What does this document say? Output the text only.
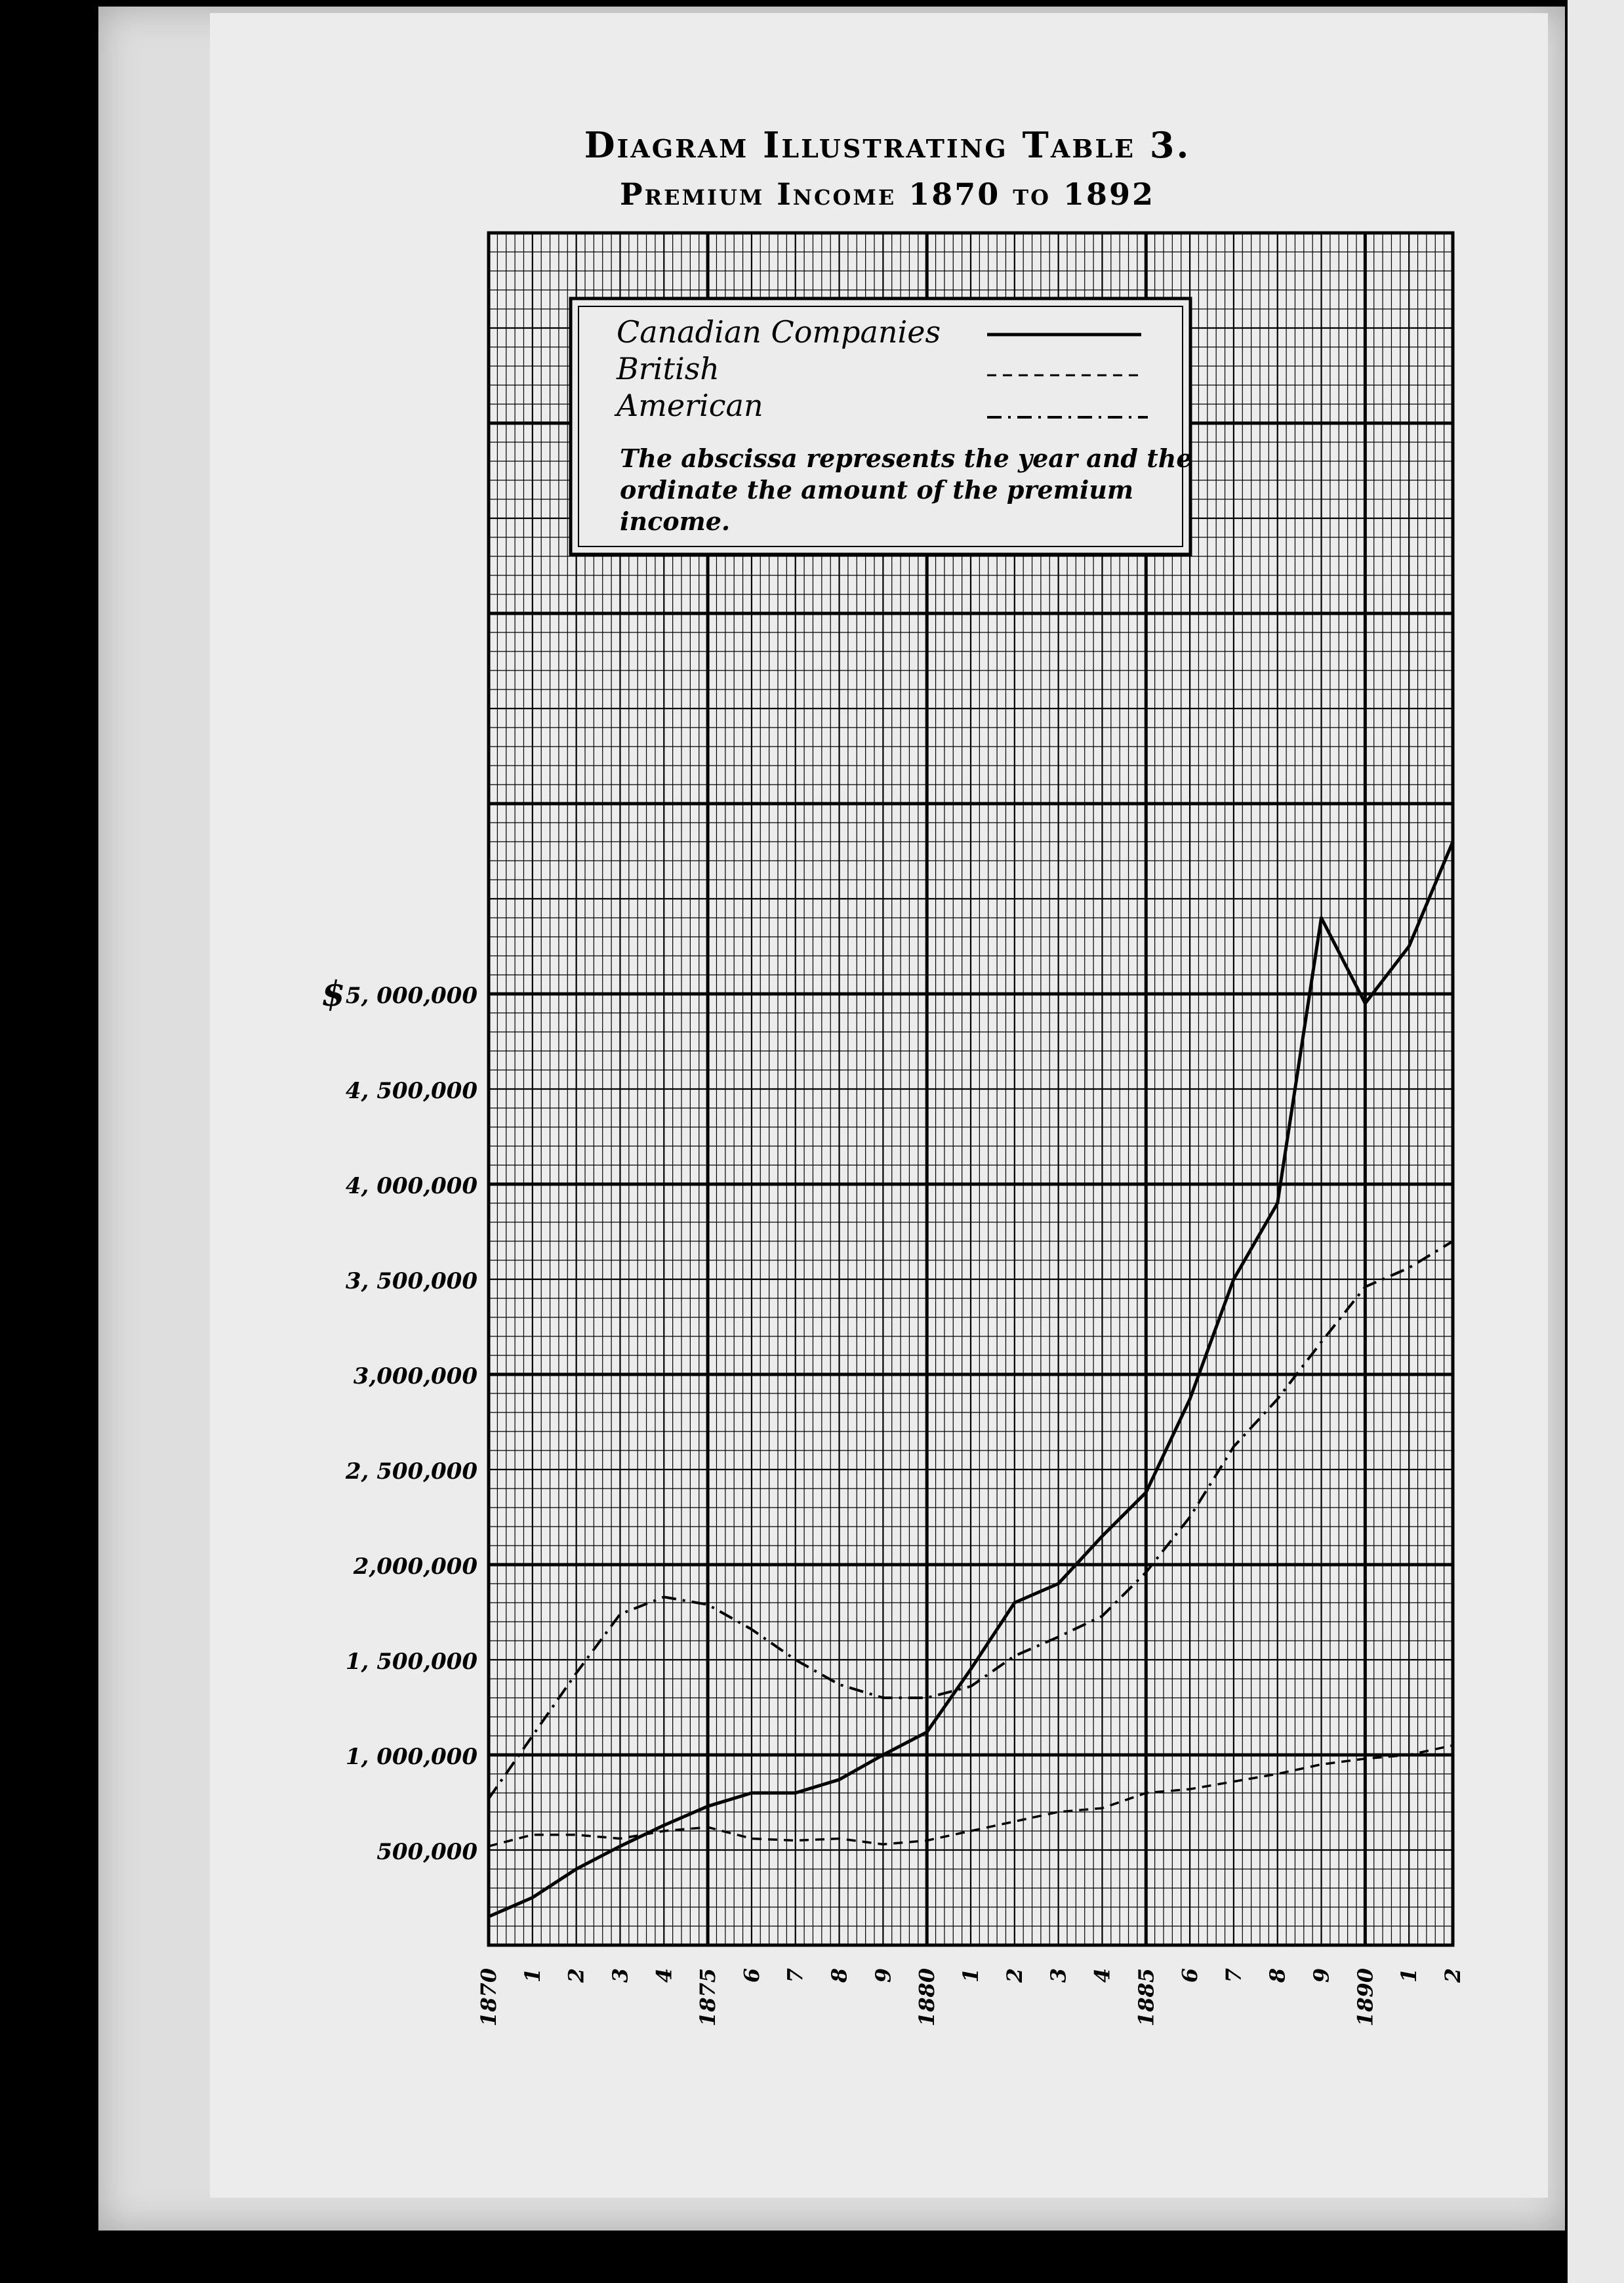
Diagram Illustrating Table 3.
Premium Income 1870 to 1892
500,000
1, 000,000
1, 500,000
2,000,000
2, 500,000
3,000,000
3, 500,000
4, 000,000
4, 500,000
5, 000,000
$
1870 1 2 3 4 1875 6 7 8 9 1880 1 2 3 4 1885 6 7 8 9 1890 1 2
Canadian Companies
British
American
The abscissa represents the year and the ordinate the amount of the premium income.
